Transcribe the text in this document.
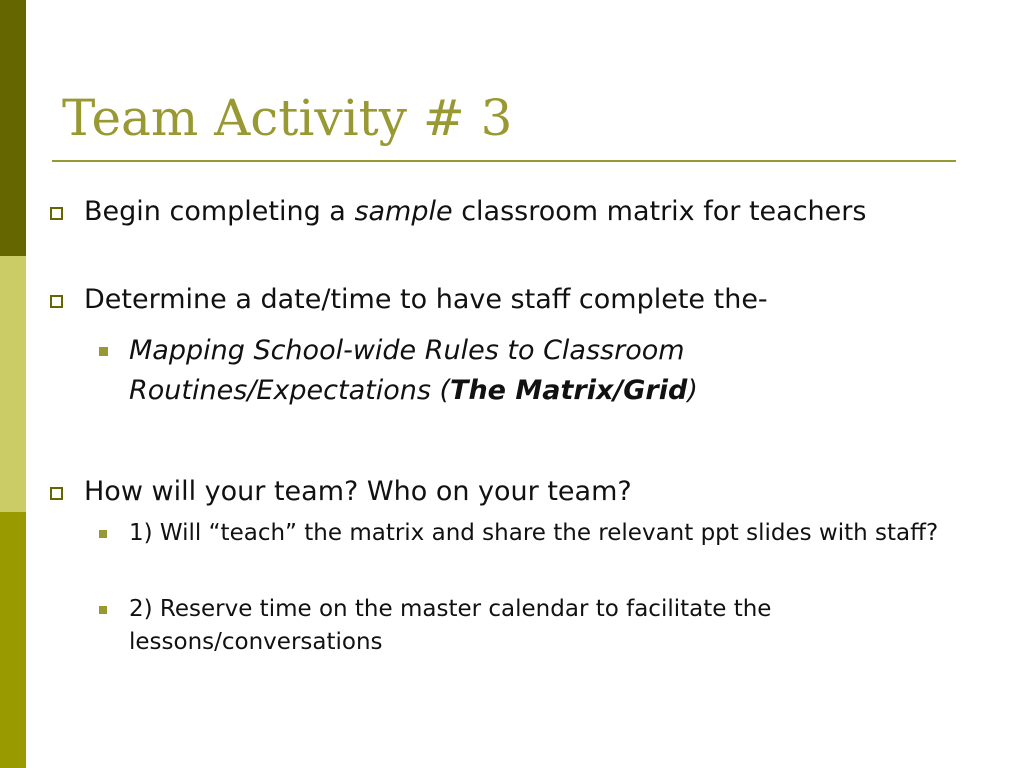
Team Activity # 3

Begin completing a sample classroom matrix for teachers

Determine a date/time to have staff complete the-

Mapping School-wide Rules to Classroom Routines/Expectations (The Matrix/Grid)

How will your team? Who on your team?

1) Will “teach” the matrix and share the relevant ppt slides with staff?

2) Reserve time on the master calendar to facilitate the lessons/conversations
